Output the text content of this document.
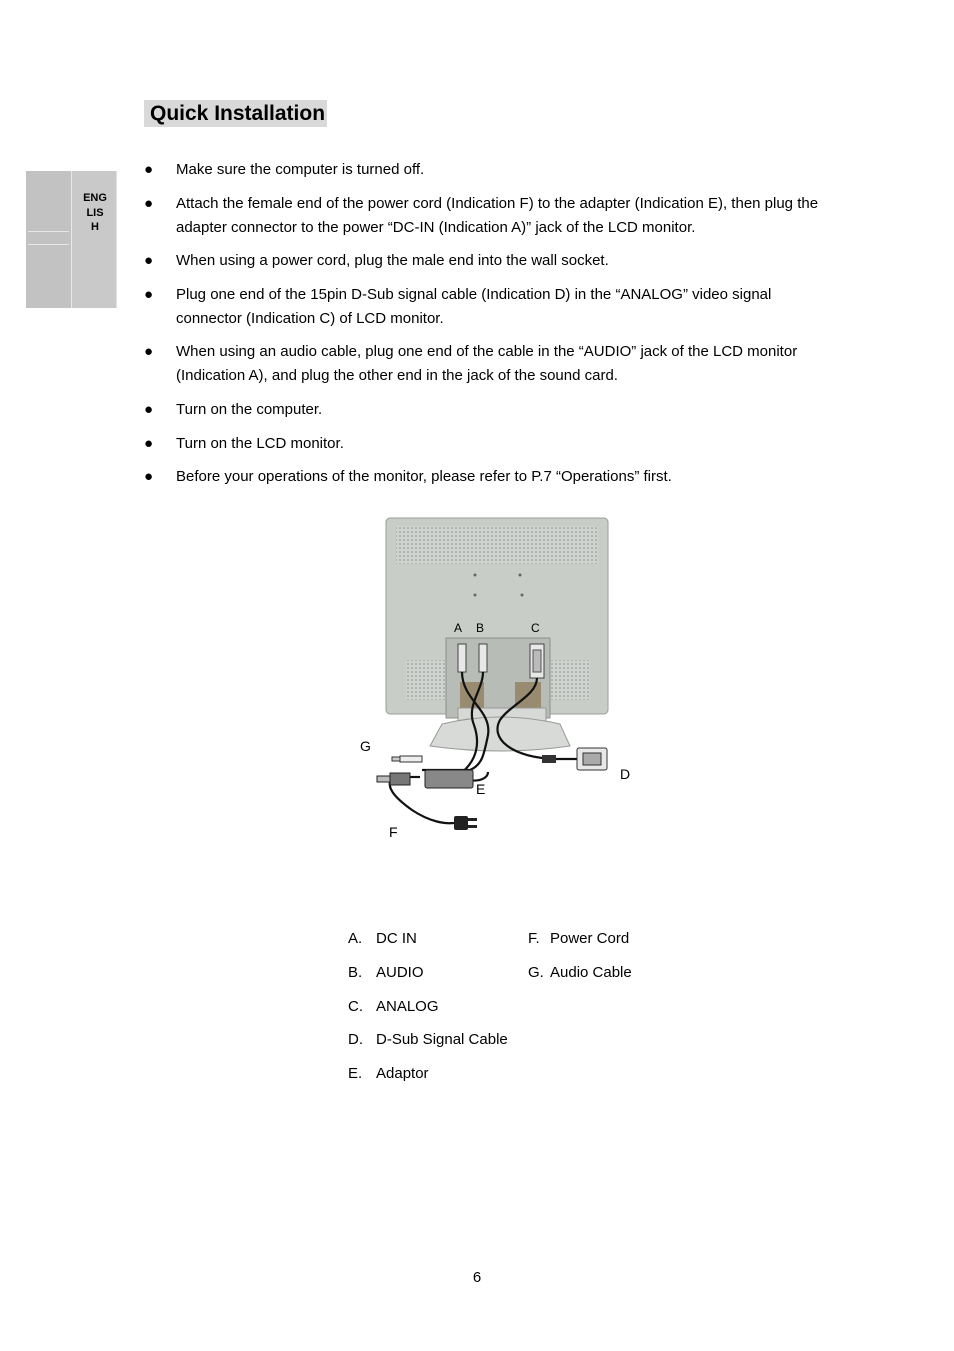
Quick Installation
ENGLISH
● Make sure the computer is turned off.
● Attach the female end of the power cord (Indication F) to the adapter (Indication E), then plug the adapter connector to the power “DC-IN (Indication A)” jack of the LCD monitor.
● When using a power cord, plug the male end into the wall socket.
● Plug one end of the 15pin D-Sub signal cable (Indication D) in the “ANALOG” video signal connector (Indication C) of LCD monitor.
● When using an audio cable, plug one end of the cable in the “AUDIO” jack of the LCD monitor (Indication A), and plug the other end in the jack of the sound card.
● Turn on the computer.
● Turn on the LCD monitor.
● Before your operations of the monitor, please refer to P.7 “Operations” first.
A B	C
G
D
E
F
A. DC IN
B. AUDIO
C. ANALOG
D. D-Sub Signal Cable
E. Adaptor
F. Power Cord
G. Audio Cable
6
